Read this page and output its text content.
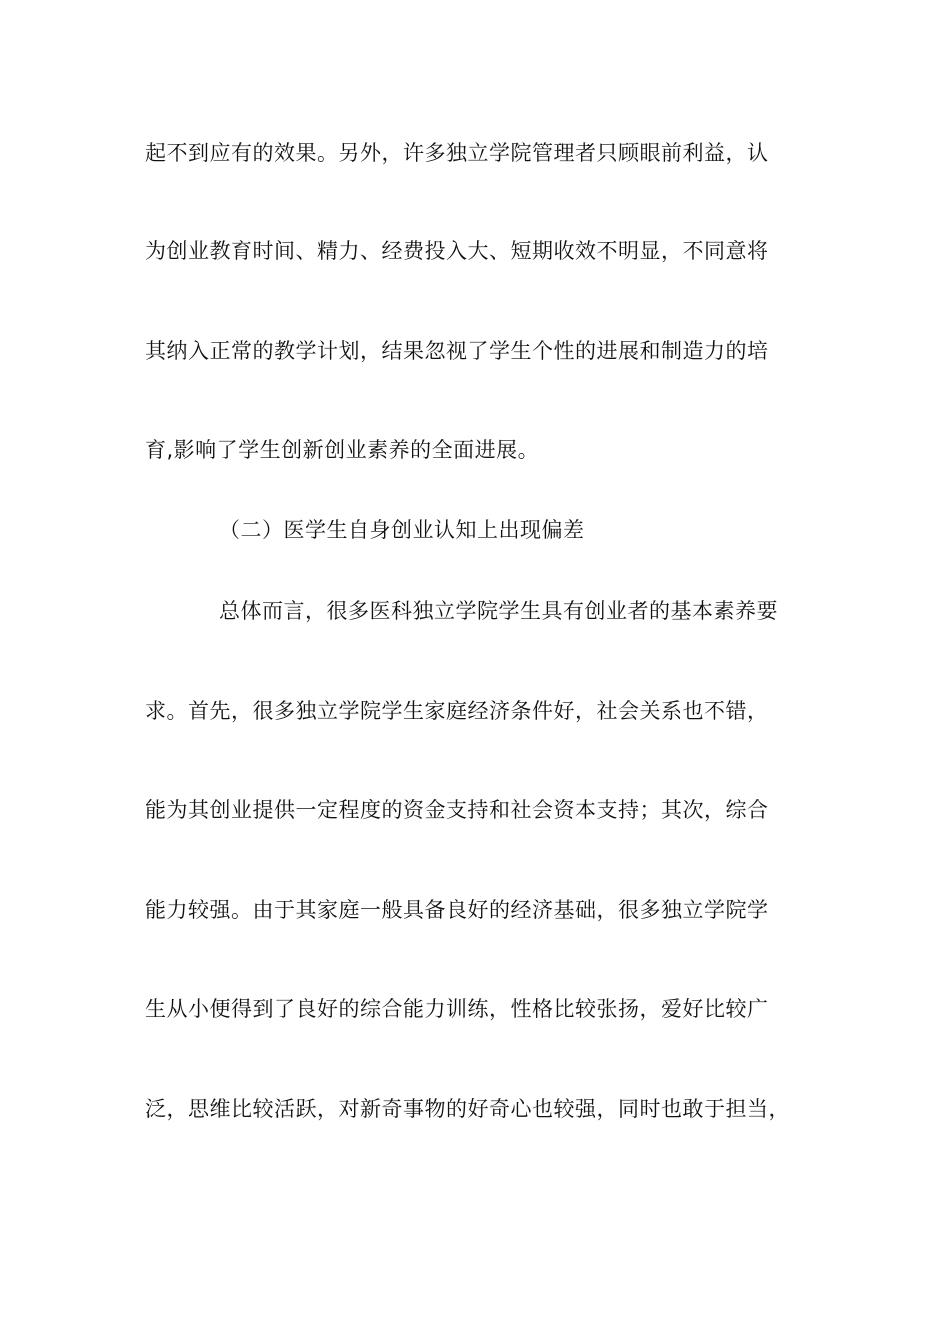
起不到应有的效果。另外，许多独立学院管理者只顾眼前利益，认
为创业教育时间、精力、经费投入大、短期收效不明显，不同意将
其纳入正常的教学计划，结果忽视了学生个性的进展和制造力的培
育,影响了学生创新创业素养的全面进展。
（二）医学生自身创业认知上出现偏差
总体而言，很多医科独立学院学生具有创业者的基本素养要
求。首先，很多独立学院学生家庭经济条件好，社会关系也不错，
能为其创业提供一定程度的资金支持和社会资本支持；其次，综合
能力较强。由于其家庭一般具备良好的经济基础，很多独立学院学
生从小便得到了良好的综合能力训练，性格比较张扬，爱好比较广
泛，思维比较活跃，对新奇事物的好奇心也较强，同时也敢于担当，
